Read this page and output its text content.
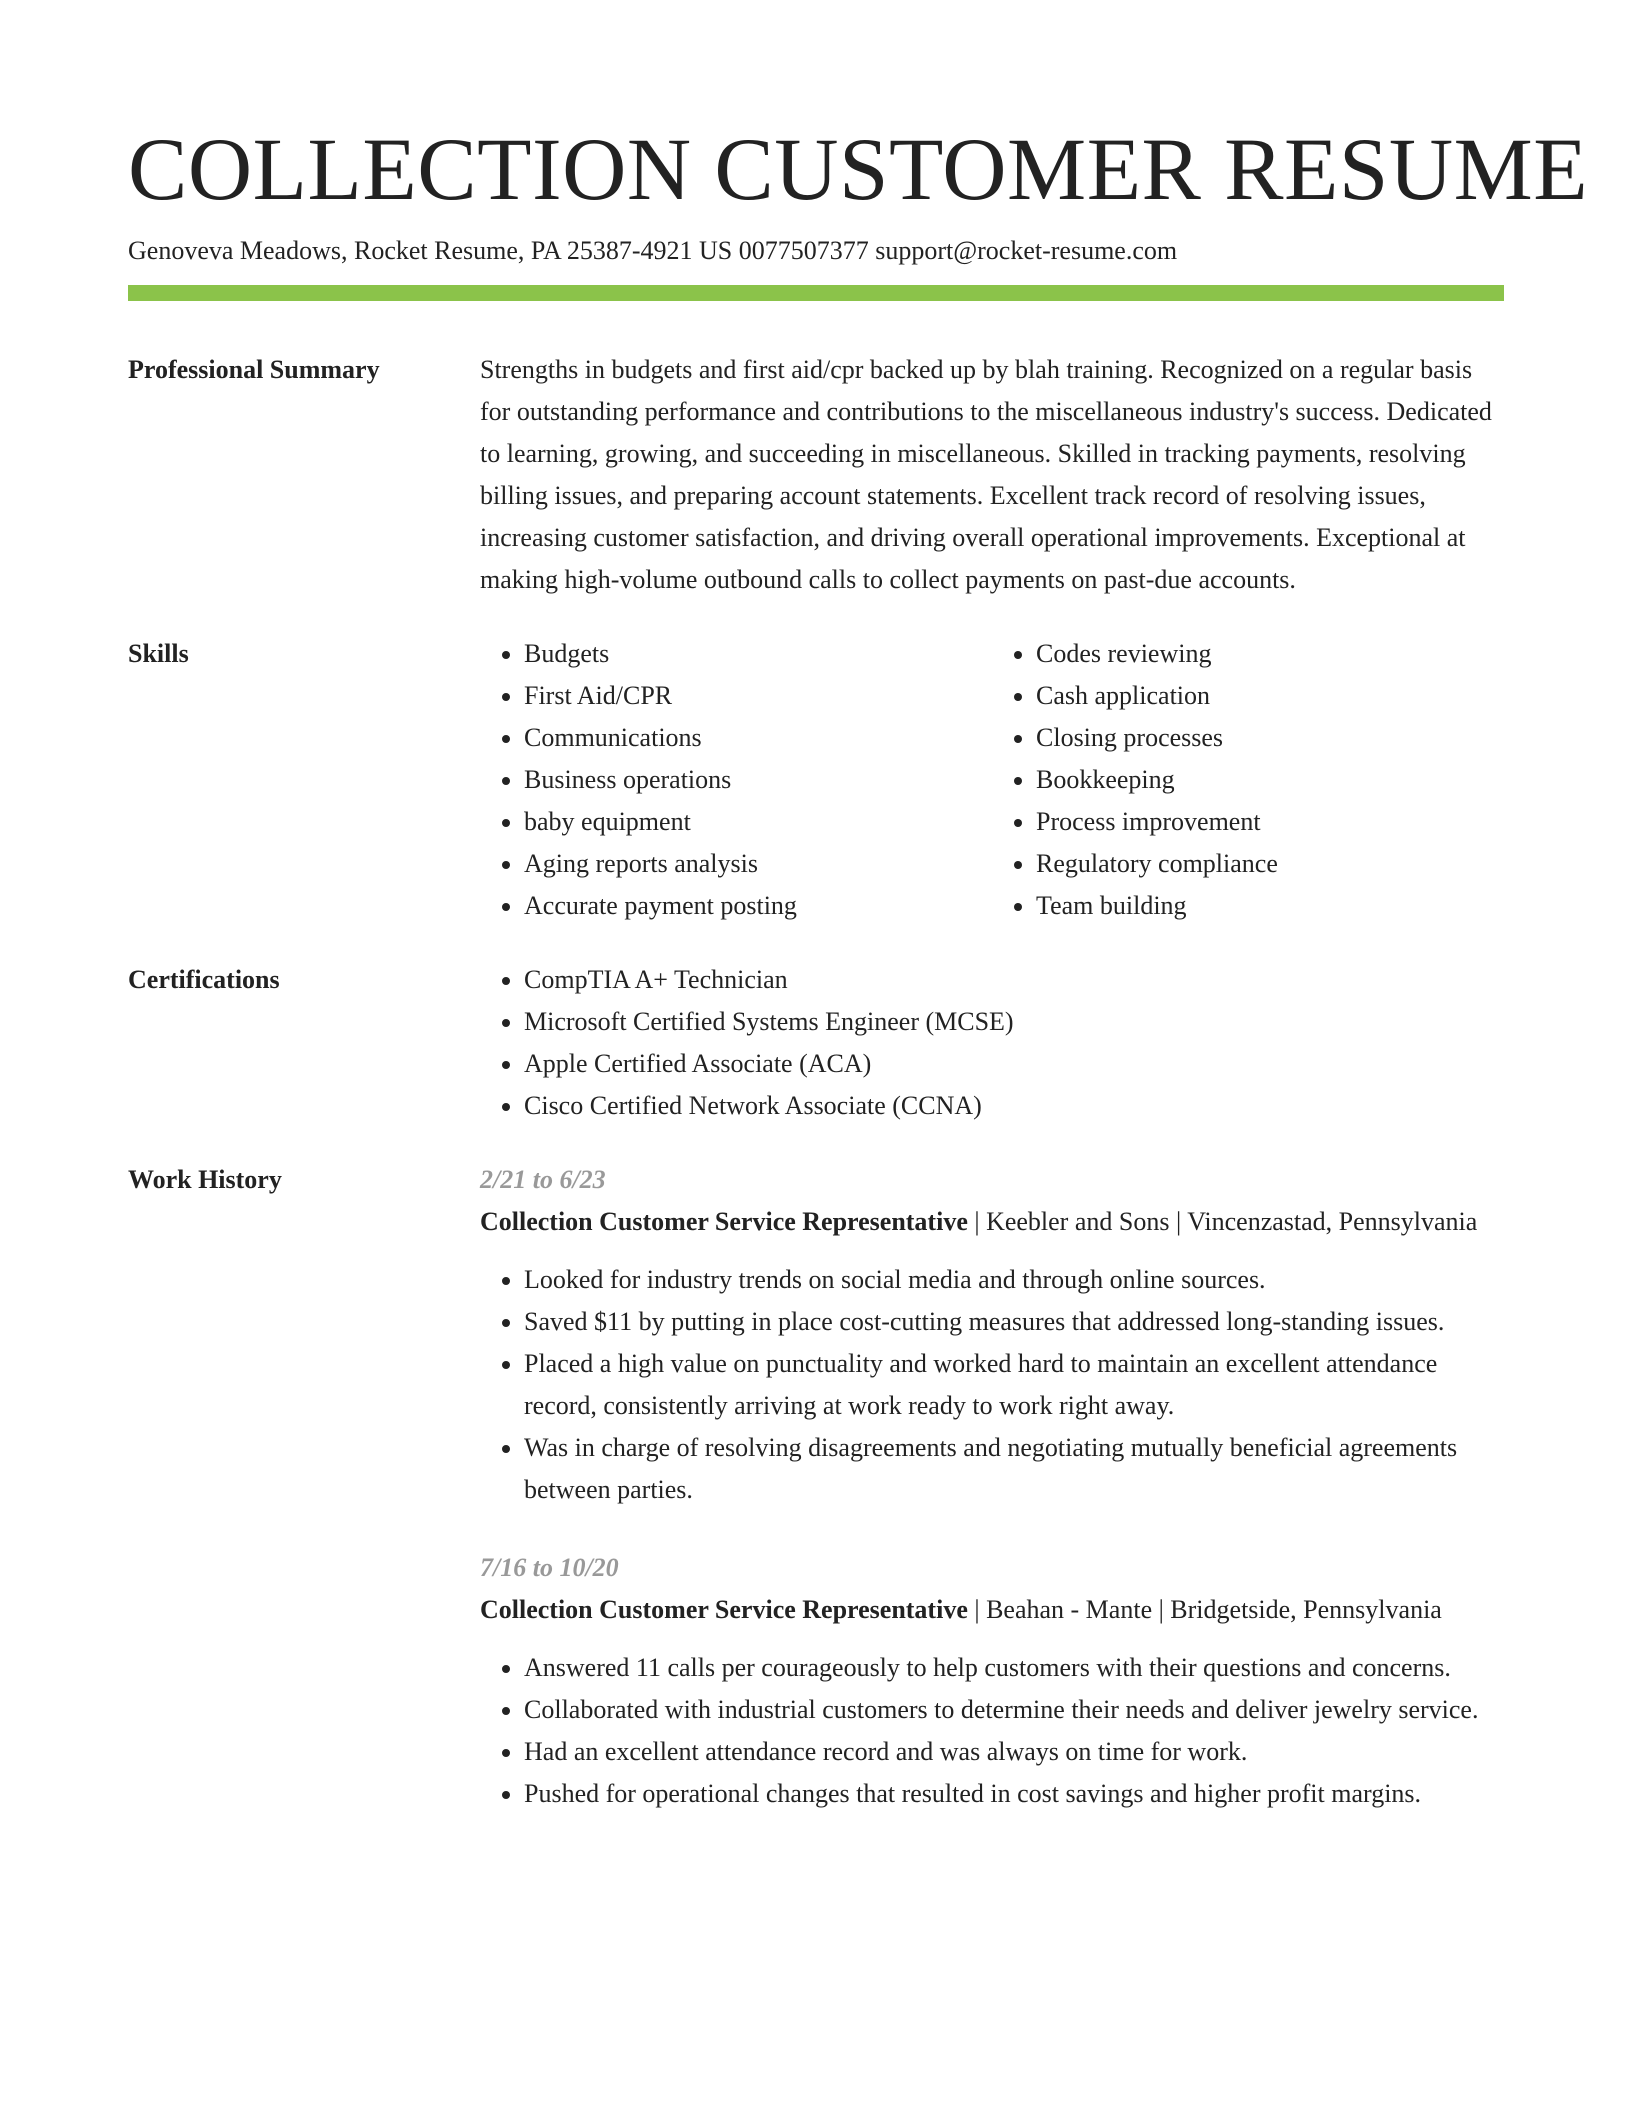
COLLECTION CUSTOMER RESUME
Genoveva Meadows, Rocket Resume, PA 25387-4921 US 0077507377 support@rocket-resume.com
Professional Summary	Strengths in budgets and first aid/cpr backed up by blah training. Recognized on a regular basis for outstanding performance and contributions to the miscellaneous industry's success. Dedicated to learning, growing, and succeeding in miscellaneous. Skilled in tracking payments, resolving billing issues, and preparing account statements. Excellent track record of resolving issues, increasing customer satisfaction, and driving overall operational improvements. Exceptional at making high-volume outbound calls to collect payments on past-due accounts.

Skills	• Budgets
• First Aid/CPR
• Communications
• Business operations
• baby equipment
• Aging reports analysis
• Accurate payment posting
• Codes reviewing
• Cash application
• Closing processes
• Bookkeeping
• Process improvement
• Regulatory compliance
• Team building
Certifications	• CompTIA A+ Technician
• Microsoft Certified Systems Engineer (MCSE)
• Apple Certified Associate (ACA)
• Cisco Certified Network Associate (CCNA)
Work History	2/21 to 6/23
Collection Customer Service Representative | Keebler and Sons | Vincenzastad, Pennsylvania
• Looked for industry trends on social media and through online sources.
• Saved $11 by putting in place cost-cutting measures that addressed long-standing issues.
• Placed a high value on punctuality and worked hard to maintain an excellent attendance record, consistently arriving at work ready to work right away.
• Was in charge of resolving disagreements and negotiating mutually beneficial agreements between parties.
7/16 to 10/20
Collection Customer Service Representative | Beahan - Mante | Bridgetside, Pennsylvania
• Answered 11 calls per courageously to help customers with their questions and concerns.
• Collaborated with industrial customers to determine their needs and deliver jewelry service.
• Had an excellent attendance record and was always on time for work.
• Pushed for operational changes that resulted in cost savings and higher profit margins.
